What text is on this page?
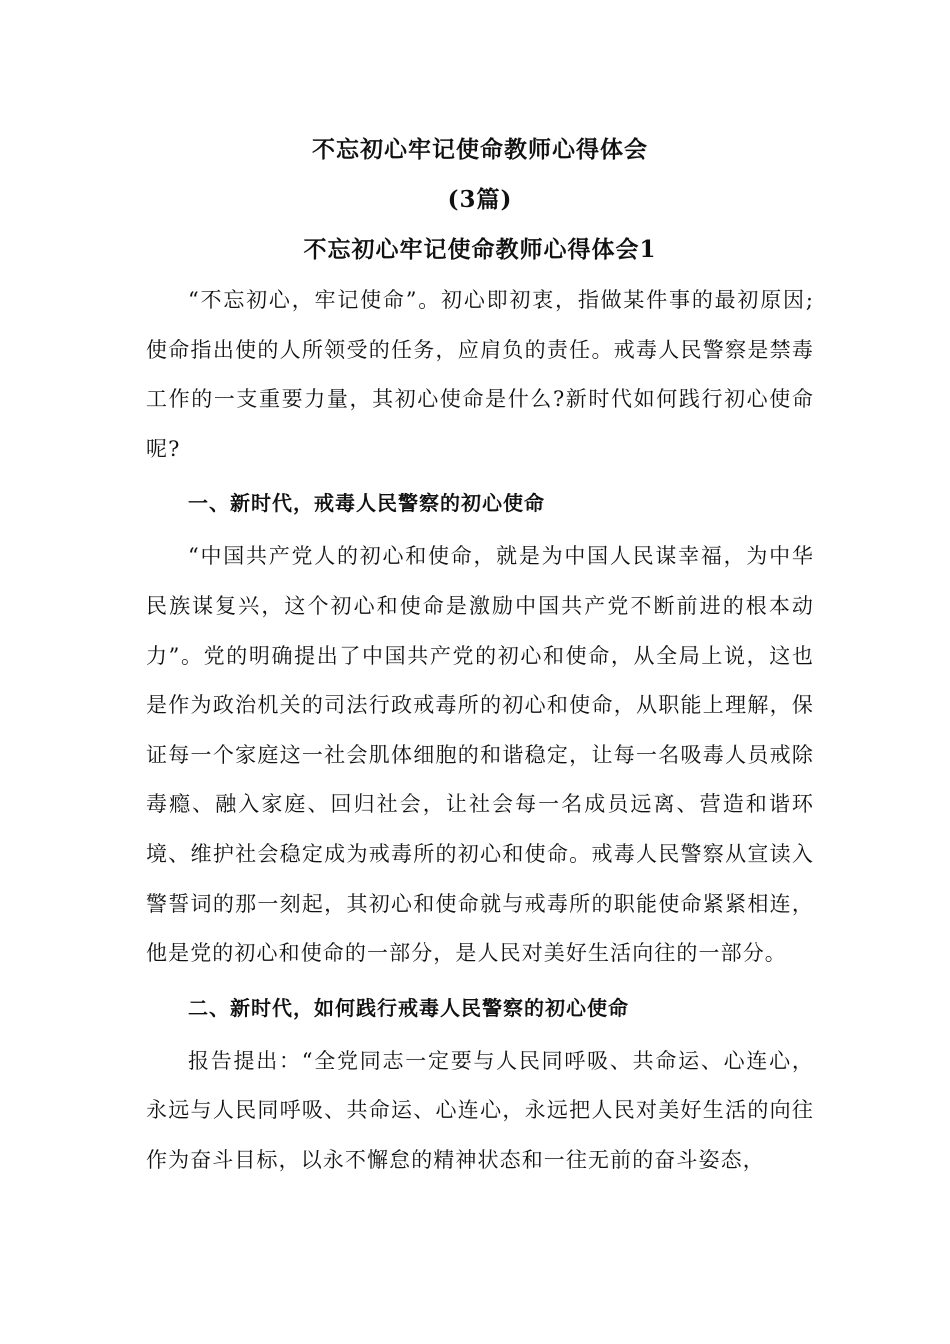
不忘初心牢记使命教师心得体会
(3篇)
不忘初心牢记使命教师心得体会1

“不忘初心，牢记使命”。初心即初衷，指做某件事的最初原因;使命指出使的人所领受的任务，应肩负的责任。戒毒人民警察是禁毒工作的一支重要力量，其初心使命是什么?新时代如何践行初心使命呢?

一、新时代，戒毒人民警察的初心使命

“中国共产党人的初心和使命，就是为中国人民谋幸福，为中华民族谋复兴，这个初心和使命是激励中国共产党不断前进的根本动力”。党的明确提出了中国共产党的初心和使命，从全局上说，这也是作为政治机关的司法行政戒毒所的初心和使命，从职能上理解，保证每一个家庭这一社会肌体细胞的和谐稳定，让每一名吸毒人员戒除毒瘾、融入家庭、回归社会，让社会每一名成员远离、营造和谐环境、维护社会稳定成为戒毒所的初心和使命。戒毒人民警察从宣读入警誓词的那一刻起，其初心和使命就与戒毒所的职能使命紧紧相连，他是党的初心和使命的一部分，是人民对美好生活向往的一部分。

二、新时代，如何践行戒毒人民警察的初心使命

报告提出：“全党同志一定要与人民同呼吸、共命运、心连心，永远与人民同呼吸、共命运、心连心，永远把人民对美好生活的向往作为奋斗目标，以永不懈怠的精神状态和一往无前的奋斗姿态，
